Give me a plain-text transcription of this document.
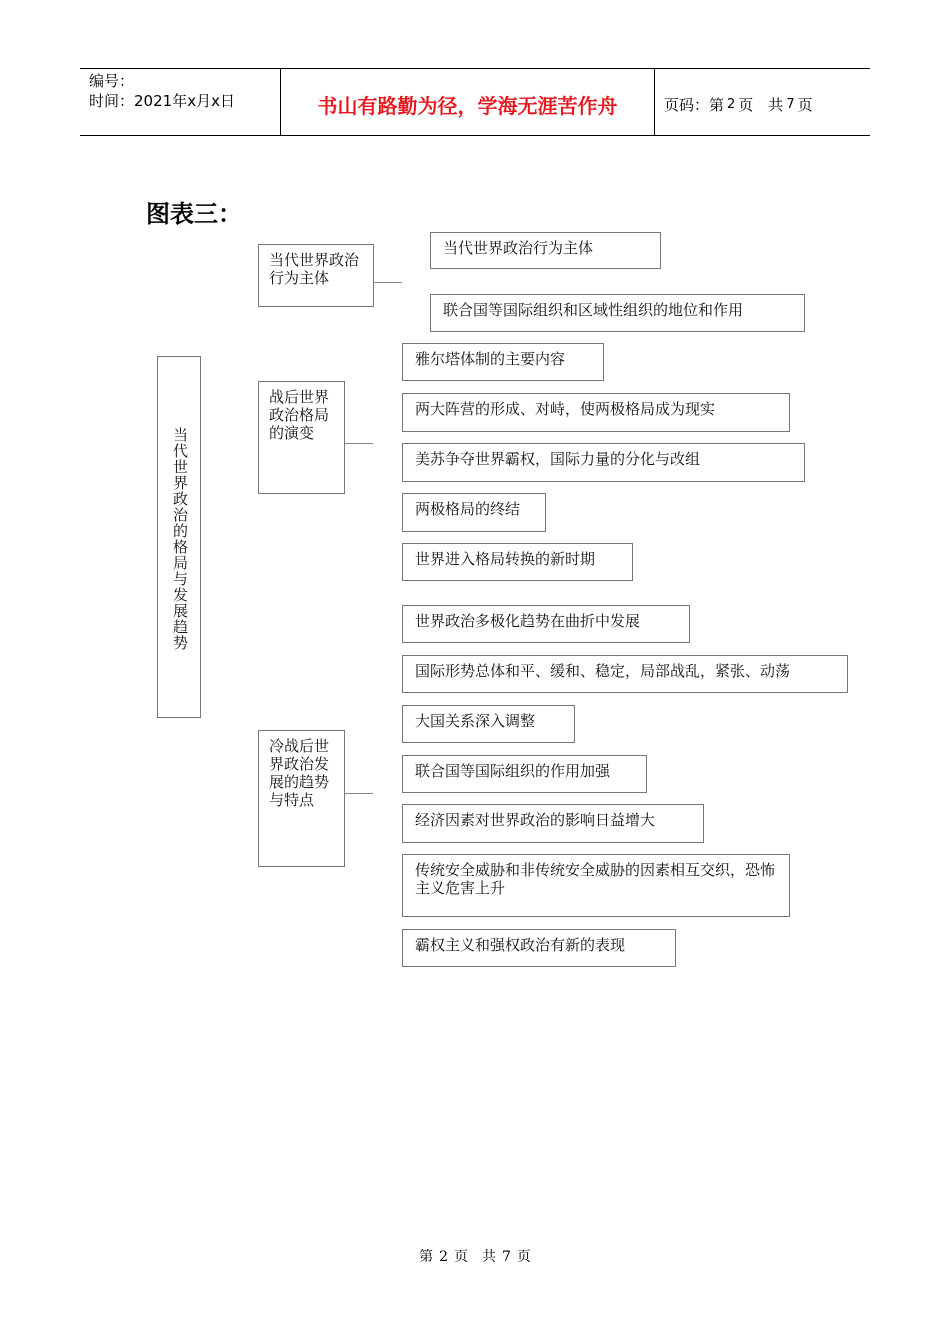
编号：
时间：2021年x月x日	书山有路勤为径，学海无涯苦作舟	页码：第 2 页　共 7 页
图表三：
当代世界政治的格局与发展趋势
当代世界政治行为主体
当代世界政治行为主体
联合国等国际组织和区域性组织的地位和作用
战后世界政治格局的演变
雅尔塔体制的主要内容
两大阵营的形成、对峙，使两极格局成为现实
美苏争夺世界霸权，国际力量的分化与改组
两极格局的终结
世界进入格局转换的新时期
冷战后世界政治发展的趋势与特点
世界政治多极化趋势在曲折中发展
国际形势总体和平、缓和、稳定，局部战乱，紧张、动荡
大国关系深入调整
联合国等国际组织的作用加强
经济因素对世界政治的影响日益增大
传统安全威胁和非传统安全威胁的因素相互交织，恐怖主义危害上升
霸权主义和强权政治有新的表现
第 2 页　共 7 页
